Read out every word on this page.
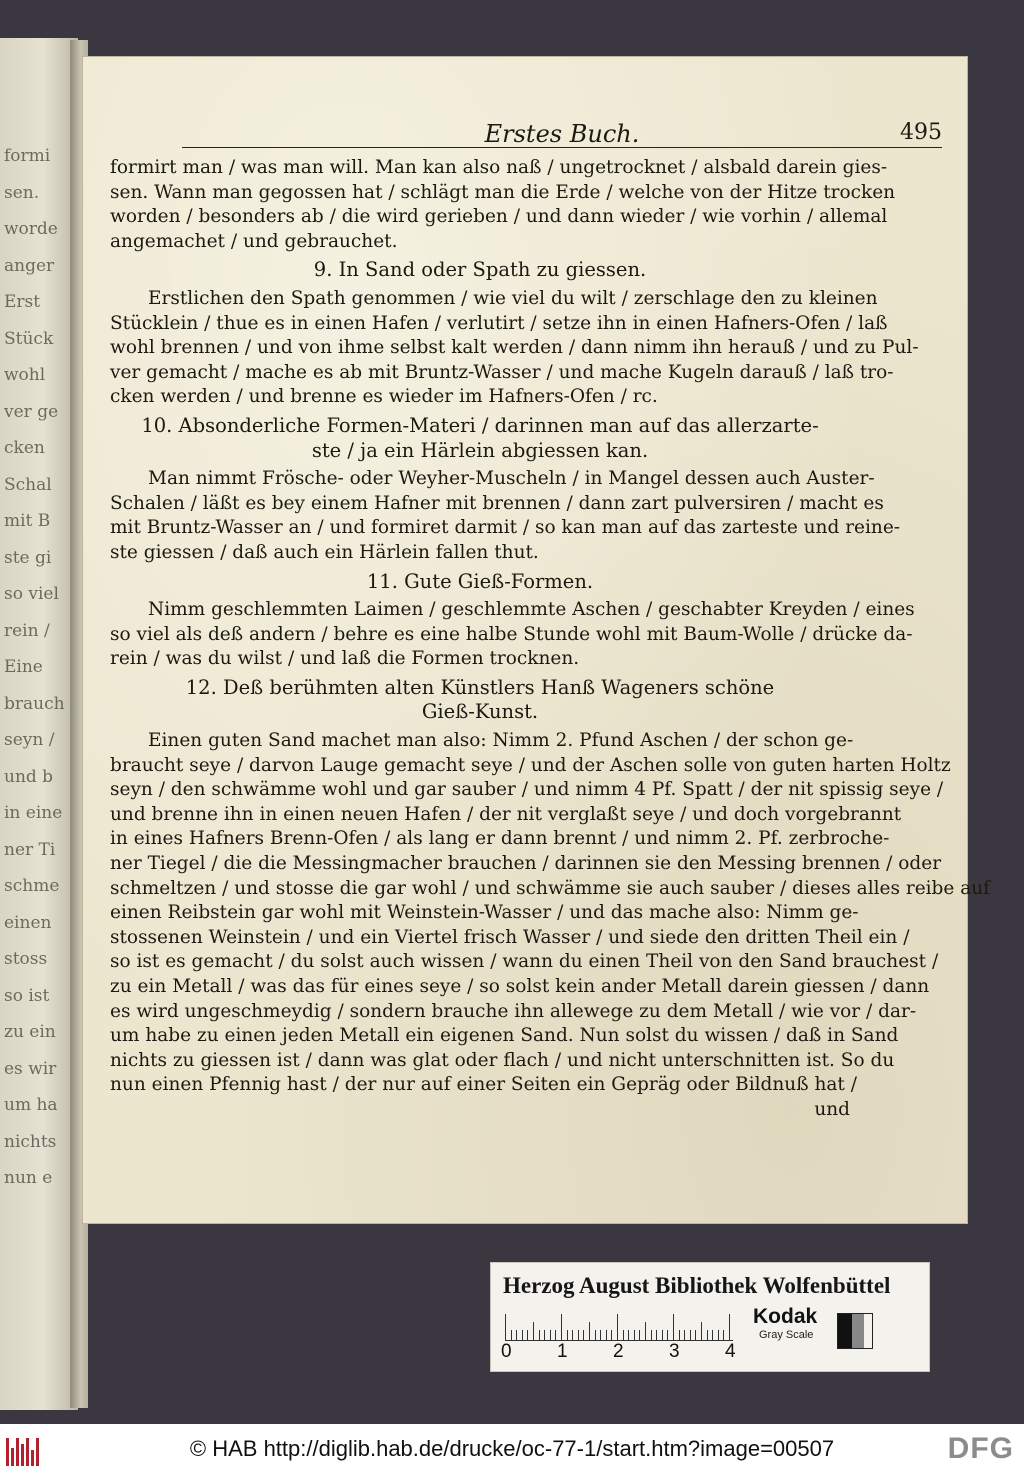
formi
sen.
worde
anger
Erst
Stück
wohl
ver ge
cken
Schal
mit B
ste gi
so viel
rein /
Eine
brauch
seyn /
und b
in eine
ner Ti
schme
einen
stoss
so ist
zu ein
es wir
um ha
nichts
nun e
Erstes Buch.	495
formirt man / was man will. Man kan also naß / ungetrocknet / alsbald darein gies-
sen. Wann man gegossen hat / schlägt man die Erde / welche von der Hitze trocken
worden / besonders ab / die wird gerieben / und dann wieder / wie vorhin / allemal
angemachet / und gebrauchet.
9. In Sand oder Spath zu giessen.
Erstlichen den Spath genommen / wie viel du wilt / zerschlage den zu kleinen
Stücklein / thue es in einen Hafen / verlutirt / setze ihn in einen Hafners-Ofen / laß
wohl brennen / und von ihme selbst kalt werden / dann nimm ihn herauß / und zu Pul-
ver gemacht / mache es ab mit Bruntz-Wasser / und mache Kugeln darauß / laß tro-
cken werden / und brenne es wieder im Hafners-Ofen / rc.
10. Absonderliche Formen-Materi / darinnen man auf das allerzarte-
ste / ja ein Härlein abgiessen kan.
Man nimmt Frösche- oder Weyher-Muscheln / in Mangel dessen auch Auster-
Schalen / läßt es bey einem Hafner mit brennen / dann zart pulversiren / macht es
mit Bruntz-Wasser an / und formiret darmit / so kan man auf das zarteste und reine-
ste giessen / daß auch ein Härlein fallen thut.
11. Gute Gieß-Formen.
Nimm geschlemmten Laimen / geschlemmte Aschen / geschabter Kreyden / eines
so viel als deß andern / behre es eine halbe Stunde wohl mit Baum-Wolle / drücke da-
rein / was du wilst / und laß die Formen trocknen.
12. Deß berühmten alten Künstlers Hanß Wageners schöne
Gieß-Kunst.
Einen guten Sand machet man also: Nimm 2. Pfund Aschen / der schon ge-
braucht seye / darvon Lauge gemacht seye / und der Aschen solle von guten harten Holtz
seyn / den schwämme wohl und gar sauber / und nimm 4 Pf. Spatt / der nit spissig seye /
und brenne ihn in einen neuen Hafen / der nit verglaßt seye / und doch vorgebrannt
in eines Hafners Brenn-Ofen / als lang er dann brennt / und nimm 2. Pf. zerbroche-
ner Tiegel / die die Messingmacher brauchen / darinnen sie den Messing brennen / oder
schmeltzen / und stosse die gar wohl / und schwämme sie auch sauber / dieses alles reibe auf
einen Reibstein gar wohl mit Weinstein-Wasser / und das mache also: Nimm ge-
stossenen Weinstein / und ein Viertel frisch Wasser / und siede den dritten Theil ein /
so ist es gemacht / du solst auch wissen / wann du einen Theil von den Sand brauchest /
zu ein Metall / was das für eines seye / so solst kein ander Metall darein giessen / dann
es wird ungeschmeydig / sondern brauche ihn allewege zu dem Metall / wie vor / dar-
um habe zu einen jeden Metall ein eigenen Sand. Nun solst du wissen / daß in Sand
nichts zu giessen ist / dann was glat oder flach / und nicht unterschnitten ist. So du
nun einen Pfennig hast / der nur auf einer Seiten ein Gepräg oder Bildnuß hat /
und
Herzog August Bibliothek Wolfenbüttel
0 1 2 3 4
Kodak
Gray Scale
© HAB http://diglib.hab.de/drucke/oc-77-1/start.htm?image=00507	DFG
